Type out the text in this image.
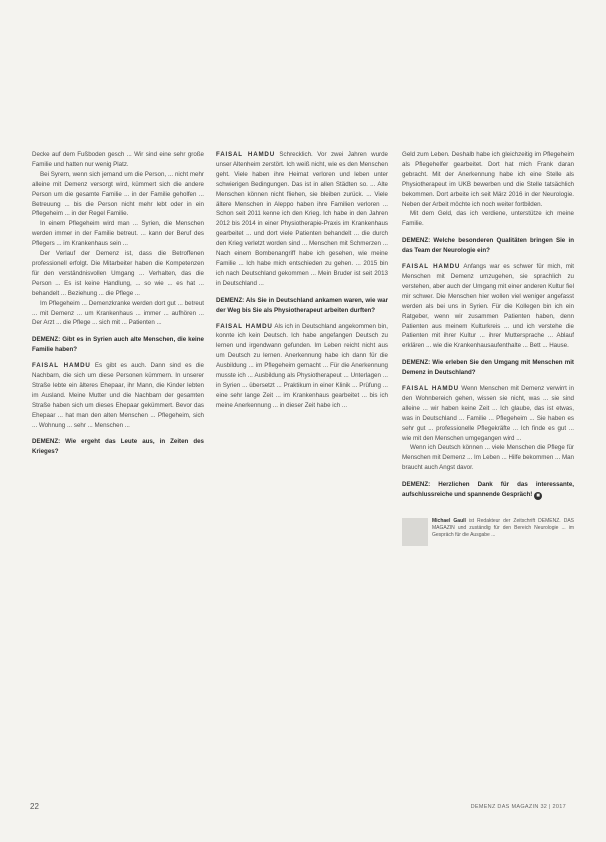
Decke auf dem Fußboden gesch ... Wir sind eine sehr große Familie und hatten nur wenig Platz.

Bei Syrern, wenn sich jemand um die Person, ... nicht mehr alleine mit Demenz versorgt wird, kümmert sich die andere Person um die gesamte Familie ... in der Familie geholfen ... Betreuung ... bis die Person nicht mehr lebt oder in ein Pflegeheim ... in der Regel Familie.

In einem Pflegeheim wird man ... Syrien, die Menschen werden immer in der Familie betreut. ... kann der Beruf des Pflegers ... im Krankenhaus sein ...

Der Verlauf der Demenz ist, dass die Betroffenen professionell erfolgt. Die Mitarbeiter haben die Kompetenzen für den verständnisvollen Umgang ... Verhalten, das die Person ... Es ist keine Handlung, ... so wie ... es hat ... behandelt ... Beziehung ... die Pflege ...

Im Pflegeheim ... Demenzkranke werden dort gut ... betreut ... mit Demenz ... um Krankenhaus ... immer ... aufhören ... Der Arzt ... die Pflege ... sich mit ... Patienten ...

DEMENZ: Gibt es in Syrien auch alte Menschen, die keine Familie haben?

FAISAL HAMDU Es gibt es auch. Dann sind es die Nachbarn, die sich um diese Personen kümmern. In unserer Straße lebte ein älteres Ehepaar, ihr Mann, die Kinder lebten im Ausland. Meine Mutter und die Nachbarn der gesamten Straße haben sich um dieses Ehepaar gekümmert. Bevor das Ehepaar ... hat man den alten Menschen ... Pflegeheim, sich ... Wohnung ... sehr ... Menschen ...

DEMENZ: Wie ergeht das Leute aus, in Zeiten des Krieges?

FAISAL HAMDU Schrecklich. Vor zwei Jahren wurde unser Altenheim zerstört. Ich weiß nicht, wie es den Menschen geht. Viele haben ihre Heimat verloren und leben unter schwierigen Bedingungen. Das ist in allen Städten so. ... Alte Menschen können nicht fliehen, sie bleiben zurück. ... Viele ältere Menschen in Aleppo haben ihre Familien verloren ... Schon seit 2011 kenne ich den Krieg. Ich habe in den Jahren 2012 bis 2014 in einer Physiotherapie-Praxis im Krankenhaus gearbeitet ... und dort viele Patienten behandelt ... die durch den Krieg verletzt worden sind ... Menschen mit Schmerzen ... Nach einem Bombenangriff habe ich gesehen, wie meine Familie ... Ich habe mich entschieden zu gehen. ... 2015 bin ich nach Deutschland gekommen ... Mein Bruder ist seit 2013 in Deutschland ...

DEMENZ: Als Sie in Deutschland ankamen waren, wie war der Weg bis Sie als Physiotherapeut arbeiten durften?

FAISAL HAMDU Als ich in Deutschland angekommen bin, konnte ich kein Deutsch. Ich habe angefangen Deutsch zu lernen und irgendwann gefunden. Im Leben reicht nicht aus um Deutsch zu lernen. Anerkennung habe ich dann für die Ausbildung ... im Pflegeheim gemacht ... Für die Anerkennung musste ich ... Ausbildung als Physiotherapeut ... Unterlagen ... in Syrien ... übersetzt ... Praktikum in einer Klinik ... Prüfung ... eine sehr lange Zeit ... im Krankenhaus gearbeitet ... bis ich meine Anerkennung ... in dieser Zeit habe ich ...

Geld zum Leben. Deshalb habe ich gleichzeitig im Pflegeheim als Pflegehelfer gearbeitet. Dort hat mich Frank daran gebracht. Mit der Anerkennung habe ich eine Stelle als Physiotherapeut im UKB bewerben und die Stelle tatsächlich bekommen. Dort arbeite ich seit März 2016 in der Neurologie. Neben der Arbeit möchte ich noch weiter fortbilden.

Mit dem Geld, das ich verdiene, unterstütze ich meine Familie.

DEMENZ: Welche besonderen Qualitäten bringen Sie in das Team der Neurologie ein?

FAISAL HAMDU Anfangs war es schwer für mich, mit Menschen mit Demenz umzugehen, sie sprachlich zu verstehen, aber auch der Umgang mit einer anderen Kultur fiel mir schwer. Die Menschen hier wollen viel weniger angefasst werden als bei uns in Syrien. Für die Kollegen bin ich ein Ratgeber, wenn wir zusammen Patienten haben, denn Patienten aus meinem Kulturkreis ... und ich verstehe die Patienten mit ihrer Kultur ... ihrer Muttersprache ... Ablauf erklären ... wie die Krankenhausaufenthalte ... Bett ... Hause.

DEMENZ: Wie erleben Sie den Umgang mit Menschen mit Demenz in Deutschland?

FAISAL HAMDU Wenn Menschen mit Demenz verwirrt in den Wohnbereich gehen, wissen sie nicht, was ... sie sind alleine ... wir haben keine Zeit ... Ich glaube, das ist etwas, was in Deutschland ... Familie ... Pflegeheim ... Sie haben es sehr gut ... professionelle Pflegekräfte ... Ich finde es gut ... wie mit den Menschen umgegangen wird ...

Wenn ich Deutsch können ... viele Menschen die Pflege für Menschen mit Demenz ... Im Leben ... Hilfe bekommen ... Man braucht auch Angst davor.

DEMENZ: Herzlichen Dank für das interessante, aufschlussreiche und spannende Gespräch! ■

Michael Gaull ist Redakteur der Zeitschrift DEMENZ. DAS MAGAZIN und zuständig für den Bereich Neurologie ... im Gespräch für die Ausgabe ...
22	DEMENZ DAS MAGAZIN 32 | 2017
